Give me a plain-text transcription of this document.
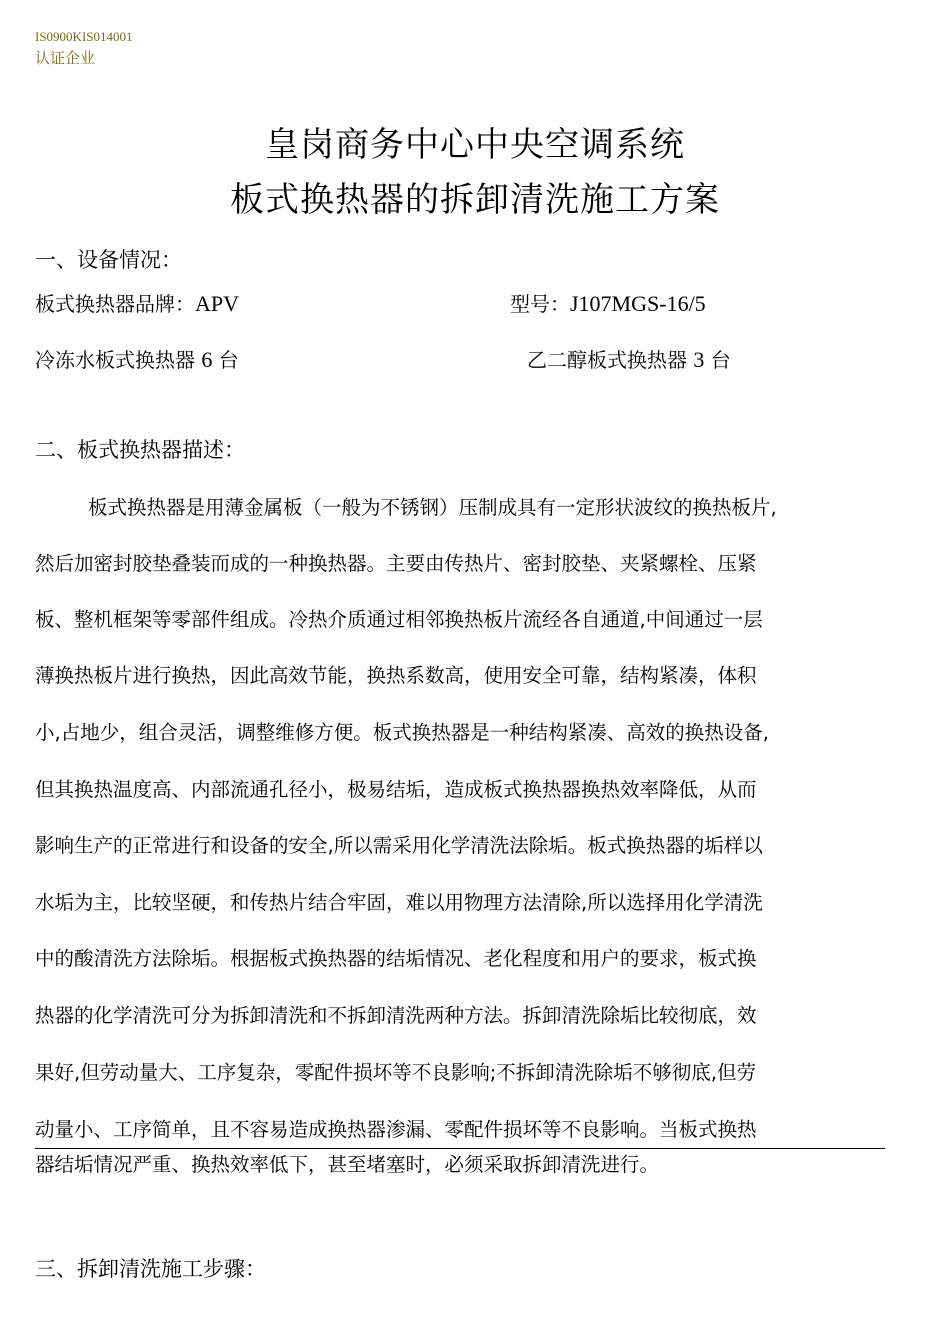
IS0900KIS014001
认证企业
皇岗商务中心中央空调系统
板式换热器的拆卸清洗施工方案
一、设备情况：
板式换热器品牌：APV	型号：J107MGS-16/5
冷冻水板式换热器 6 台	乙二醇板式换热器 3 台
二、板式换热器描述：
板式换热器是用薄金属板（一般为不锈钢）压制成具有一定形状波纹的换热板片,
然后加密封胶垫叠装而成的一种换热器。主要由传热片、密封胶垫、夹紧螺栓、压紧
板、整机框架等零部件组成。冷热介质通过相邻换热板片流经各自通道,中间通过一层
薄换热板片进行换热，因此高效节能，换热系数高，使用安全可靠，结构紧凑，体积
小,占地少，组合灵活，调整维修方便。板式换热器是一种结构紧凑、高效的换热设备,
但其换热温度高、内部流通孔径小，极易结垢，造成板式换热器换热效率降低，从而
影响生产的正常进行和设备的安全,所以需采用化学清洗法除垢。板式换热器的垢样以
水垢为主，比较坚硬，和传热片结合牢固，难以用物理方法清除,所以选择用化学清洗
中的酸清洗方法除垢。根据板式换热器的结垢情况、老化程度和用户的要求，板式换
热器的化学清洗可分为拆卸清洗和不拆卸清洗两种方法。拆卸清洗除垢比较彻底，效
果好,但劳动量大、工序复杂，零配件损坏等不良影响;不拆卸清洗除垢不够彻底,但劳
动量小、工序简单，且不容易造成换热器渗漏、零配件损坏等不良影响。当板式换热
器结垢情况严重、换热效率低下，甚至堵塞时，必须采取拆卸清洗进行。
三、拆卸清洗施工步骤：
